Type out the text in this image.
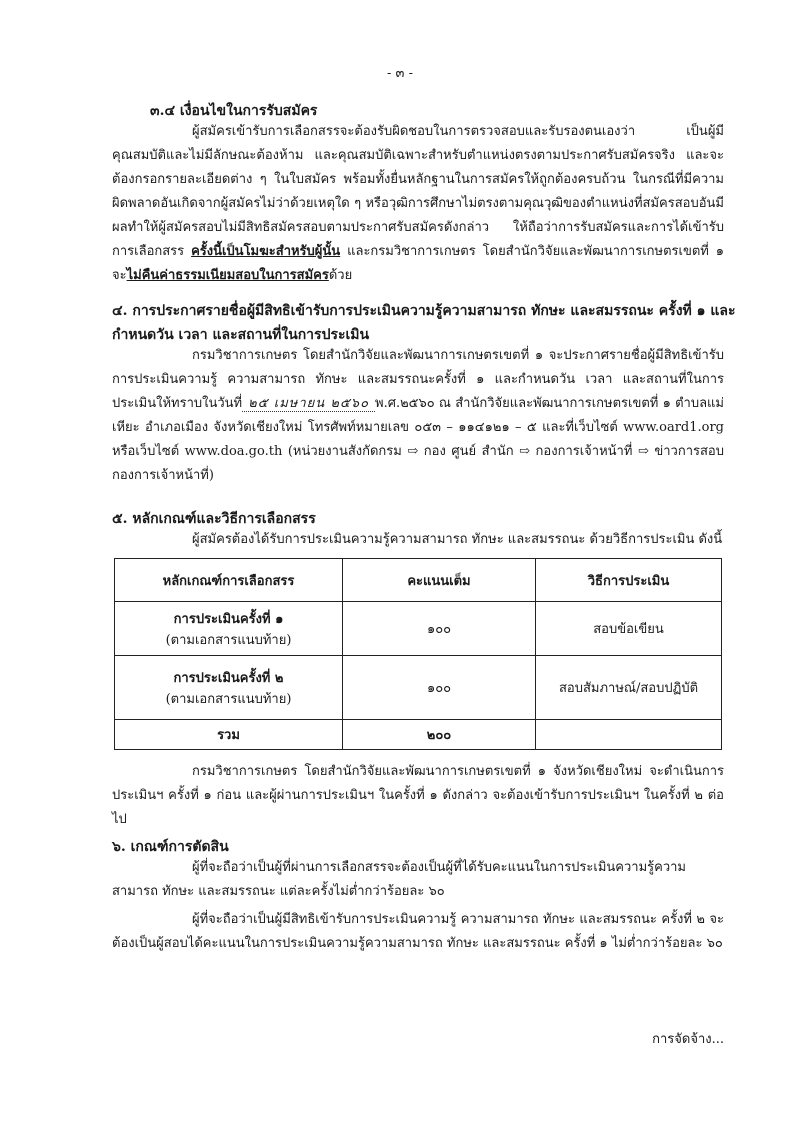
- ๓ -
๓.๔ เงื่อนไขในการรับสมัคร
ผู้สมัครเข้ารับการเลือกสรรจะต้องรับผิดชอบในการตรวจสอบและรับรองตนเองว่า เป็นผู้มีคุณสมบัติและไม่มีลักษณะต้องห้าม และคุณสมบัติเฉพาะสำหรับตำแหน่งตรงตามประกาศรับสมัครจริง และจะต้องกรอกรายละเอียดต่าง ๆ ในใบสมัคร พร้อมทั้งยื่นหลักฐานในการสมัครให้ถูกต้องครบถ้วน ในกรณีที่มีความผิดพลาดอันเกิดจากผู้สมัครไม่ว่าด้วยเหตุใด ๆ หรือวุฒิการศึกษาไม่ตรงตามคุณวุฒิของตำแหน่งที่สมัครสอบอันมีผลทำให้ผู้สมัครสอบไม่มีสิทธิสมัครสอบตามประกาศรับสมัครดังกล่าว ให้ถือว่าการรับสมัครและการได้เข้ารับการเลือกสรร ครั้งนี้เป็นโมฆะสำหรับผู้นั้น และกรมวิชาการเกษตร โดยสำนักวิจัยและพัฒนาการเกษตรเขตที่ ๑ จะไม่คืนค่าธรรมเนียมสอบในการสมัครด้วย
๔. การประกาศรายชื่อผู้มีสิทธิเข้ารับการประเมินความรู้ความสามารถ ทักษะ และสมรรถนะ ครั้งที่ ๑ และ
กำหนดวัน เวลา และสถานที่ในการประเมิน
กรมวิชาการเกษตร โดยสำนักวิจัยและพัฒนาการเกษตรเขตที่ ๑ จะประกาศรายชื่อผู้มีสิทธิเข้ารับการประเมินความรู้ ความสามารถ ทักษะ และสมรรถนะครั้งที่ ๑ และกำหนดวัน เวลา และสถานที่ในการประเมินให้ทราบในวันที่ ๒๕ เมษายน ๒๕๖๐ พ.ศ.๒๕๖๐ ณ สำนักวิจัยและพัฒนาการเกษตรเขตที่ ๑ ตำบลแม่เหียะ อำเภอเมือง จังหวัดเชียงใหม่ โทรศัพท์หมายเลข ๐๕๓ – ๑๑๔๑๒๑ – ๕ และที่เว็บไซต์ www.oard1.org หรือเว็บไซต์ www.doa.go.th (หน่วยงานสังกัดกรม ⇨ กอง ศูนย์ สำนัก ⇨ กองการเจ้าหน้าที่ ⇨ ข่าวการสอบกองการเจ้าหน้าที่)
๕. หลักเกณฑ์และวิธีการเลือกสรร
ผู้สมัครต้องได้รับการประเมินความรู้ความสามารถ ทักษะ และสมรรถนะ ด้วยวิธีการประเมิน ดังนี้
หลักเกณฑ์การเลือกสรร	คะแนนเต็ม	วิธีการประเมิน
การประเมินครั้งที่ ๑
(ตามเอกสารแนบท้าย)	๑๐๐	สอบข้อเขียน
การประเมินครั้งที่ ๒
(ตามเอกสารแนบท้าย)	๑๐๐	สอบสัมภาษณ์/สอบปฏิบัติ
รวม	๒๐๐	
กรมวิชาการเกษตร โดยสำนักวิจัยและพัฒนาการเกษตรเขตที่ ๑ จังหวัดเชียงใหม่ จะดำเนินการประเมินฯ ครั้งที่ ๑ ก่อน และผู้ผ่านการประเมินฯ ในครั้งที่ ๑ ดังกล่าว จะต้องเข้ารับการประเมินฯ ในครั้งที่ ๒ ต่อไป
๖. เกณฑ์การตัดสิน
ผู้ที่จะถือว่าเป็นผู้ที่ผ่านการเลือกสรรจะต้องเป็นผู้ที่ได้รับคะแนนในการประเมินความรู้ความสามารถ ทักษะ และสมรรถนะ แต่ละครั้งไม่ต่ำกว่าร้อยละ ๖๐
ผู้ที่จะถือว่าเป็นผู้มีสิทธิเข้ารับการประเมินความรู้ ความสามารถ ทักษะ และสมรรถนะ ครั้งที่ ๒ จะต้องเป็นผู้สอบได้คะแนนในการประเมินความรู้ความสามารถ ทักษะ และสมรรถนะ ครั้งที่ ๑ ไม่ต่ำกว่าร้อยละ ๖๐
การจัดจ้าง...
